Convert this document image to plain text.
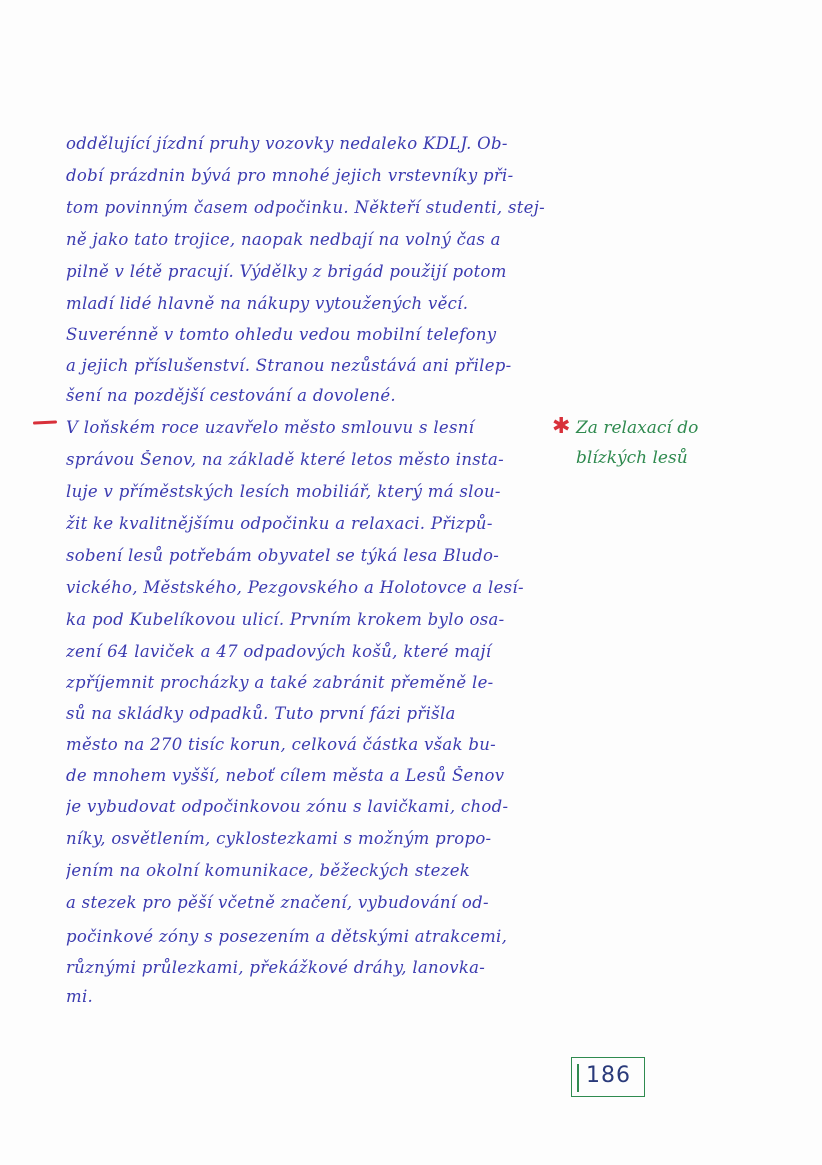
oddělující jízdní pruhy vozovky nedaleko KDLJ. Ob-
dobí prázdnin bývá pro mnohé jejich vrstevníky při-
tom povinným časem odpočinku. Někteří studenti, stej-
ně jako tato trojice, naopak nedbají na volný čas a
pilně v létě pracují. Výdělky z brigád použijí potom
mladí lidé hlavně na nákupy vytoužených věcí.
Suverénně v tomto ohledu vedou mobilní telefony
a jejich příslušenství. Stranou nezůstává ani přilep-
šení na pozdější cestování a dovolené.
V loňském roce uzavřelo město smlouvu s lesní
správou Šenov, na základě které letos město insta-
luje v příměstských lesích mobiliář, který má slou-
žit ke kvalitnějšímu odpočinku a relaxaci. Přizpů-
sobení lesů potřebám obyvatel se týká lesa Bludo-
vického, Městského, Pezgovského a Holotovce a lesí-
ka pod Kubelíkovou ulicí. Prvním krokem bylo osa-
zení 64 laviček a 47 odpadových košů, které mají
zpříjemnit procházky a také zabránit přeměně le-
sů na skládky odpadků. Tuto první fázi přišla
město na 270 tisíc korun, celková částka však bu-
de mnohem vyšší, neboť cílem města a Lesů Šenov
je vybudovat odpočinkovou zónu s lavičkami, chod-
níky, osvětlením, cyklostezkami s možným propo-
jením na okolní komunikace, běžeckých stezek
a stezek pro pěší včetně značení, vybudování od-
počinkové zóny s posezením a dětskými atrakcemi,
různými průlezkami, překážkové dráhy, lanovka-
mi.
✱ Za relaxací do
blízkých lesů
186
